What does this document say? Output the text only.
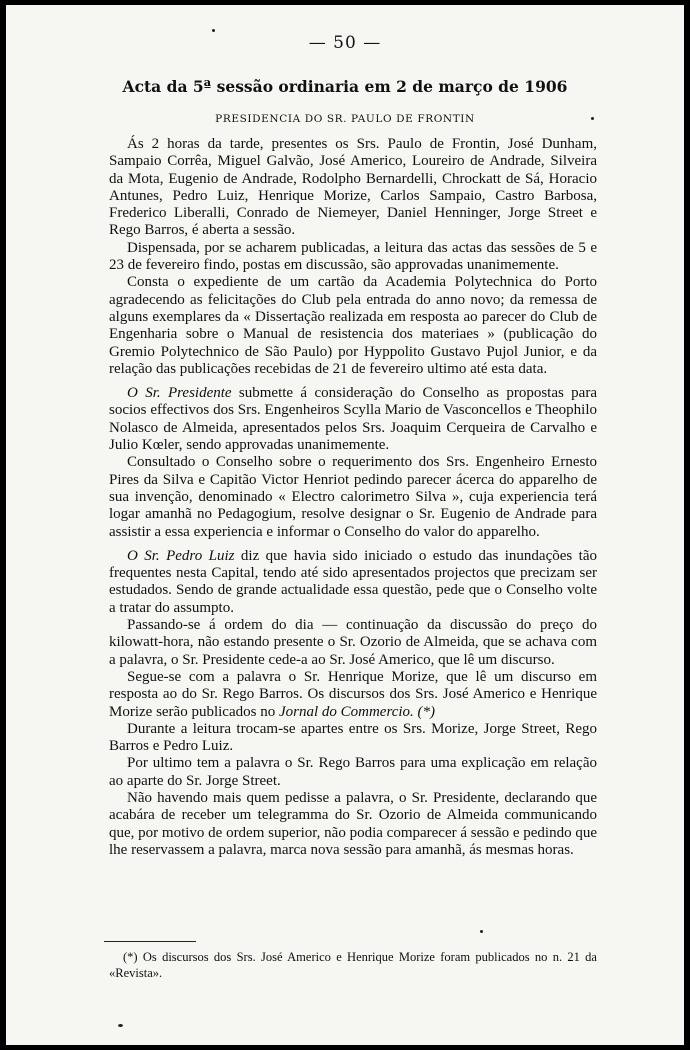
— 50 —
Acta da 5ª sessão ordinaria em 2 de março de 1906
PRESIDENCIA DO SR. PAULO DE FRONTIN

Ás 2 horas da tarde, presentes os Srs. Paulo de Frontin, José Dunham, Sampaio Corrêa, Miguel Galvão, José Americo, Loureiro de Andrade, Silveira da Mota, Eugenio de Andrade, Rodolpho Bernardelli, Chrockatt de Sá, Horacio Antunes, Pedro Luiz, Henrique Morize, Carlos Sampaio, Castro Barbosa, Frederico Liberalli, Conrado de Niemeyer, Daniel Henninger, Jorge Street e Rego Barros, é aberta a sessão.

Dispensada, por se acharem publicadas, a leitura das actas das sessões de 5 e 23 de fevereiro findo, postas em discussão, são approvadas unanimemente.

Consta o expediente de um cartão da Academia Polytechnica do Porto agradecendo as felicitações do Club pela entrada do anno novo; da remessa de alguns exemplares da « Dissertação realizada em resposta ao parecer do Club de Engenharia sobre o Manual de resistencia dos materiaes » (publicação do Gremio Polytechnico de São Paulo) por Hyppolito Gustavo Pujol Junior, e da relação das publicações recebidas de 21 de fevereiro ultimo até esta data.

O Sr. Presidente submette á consideração do Conselho as propostas para socios effectivos dos Srs. Engenheiros Scylla Mario de Vasconcellos e Theophilo Nolasco de Almeida, apresentados pelos Srs. Joaquim Cerqueira de Carvalho e Julio Kœler, sendo approvadas unanimemente.

Consultado o Conselho sobre o requerimento dos Srs. Engenheiro Ernesto Pires da Silva e Capitão Victor Henriot pedindo parecer ácerca do apparelho de sua invenção, denominado « Electro calorimetro Silva », cuja experiencia terá logar amanhã no Pedagogium, resolve designar o Sr. Eugenio de Andrade para assistir a essa experiencia e informar o Conselho do valor do apparelho.

O Sr. Pedro Luiz diz que havia sido iniciado o estudo das inundações tão frequentes nesta Capital, tendo até sido apresentados projectos que precizam ser estudados. Sendo de grande actualidade essa questão, pede que o Conselho volte a tratar do assumpto.

Passando-se á ordem do dia — continuação da discussão do preço do kilowatt-hora, não estando presente o Sr. Ozorio de Almeida, que se achava com a palavra, o Sr. Presidente cede-a ao Sr. José Americo, que lê um discurso.

Segue-se com a palavra o Sr. Henrique Morize, que lê um discurso em resposta ao do Sr. Rego Barros. Os discursos dos Srs. José Americo e Henrique Morize serão publicados no Jornal do Commercio. (*)

Durante a leitura trocam-se apartes entre os Srs. Morize, Jorge Street, Rego Barros e Pedro Luiz.

Por ultimo tem a palavra o Sr. Rego Barros para uma explicação em relação ao aparte do Sr. Jorge Street.

Não havendo mais quem pedisse a palavra, o Sr. Presidente, declarando que acabára de receber um telegramma do Sr. Ozorio de Almeida communicando que, por motivo de ordem superior, não podia comparecer á sessão e pedindo que lhe reservassem a palavra, marca nova sessão para amanhã, ás mesmas horas.

(*) Os discursos dos Srs. José Americo e Henrique Morize foram publicados no n. 21 da «Revista».
